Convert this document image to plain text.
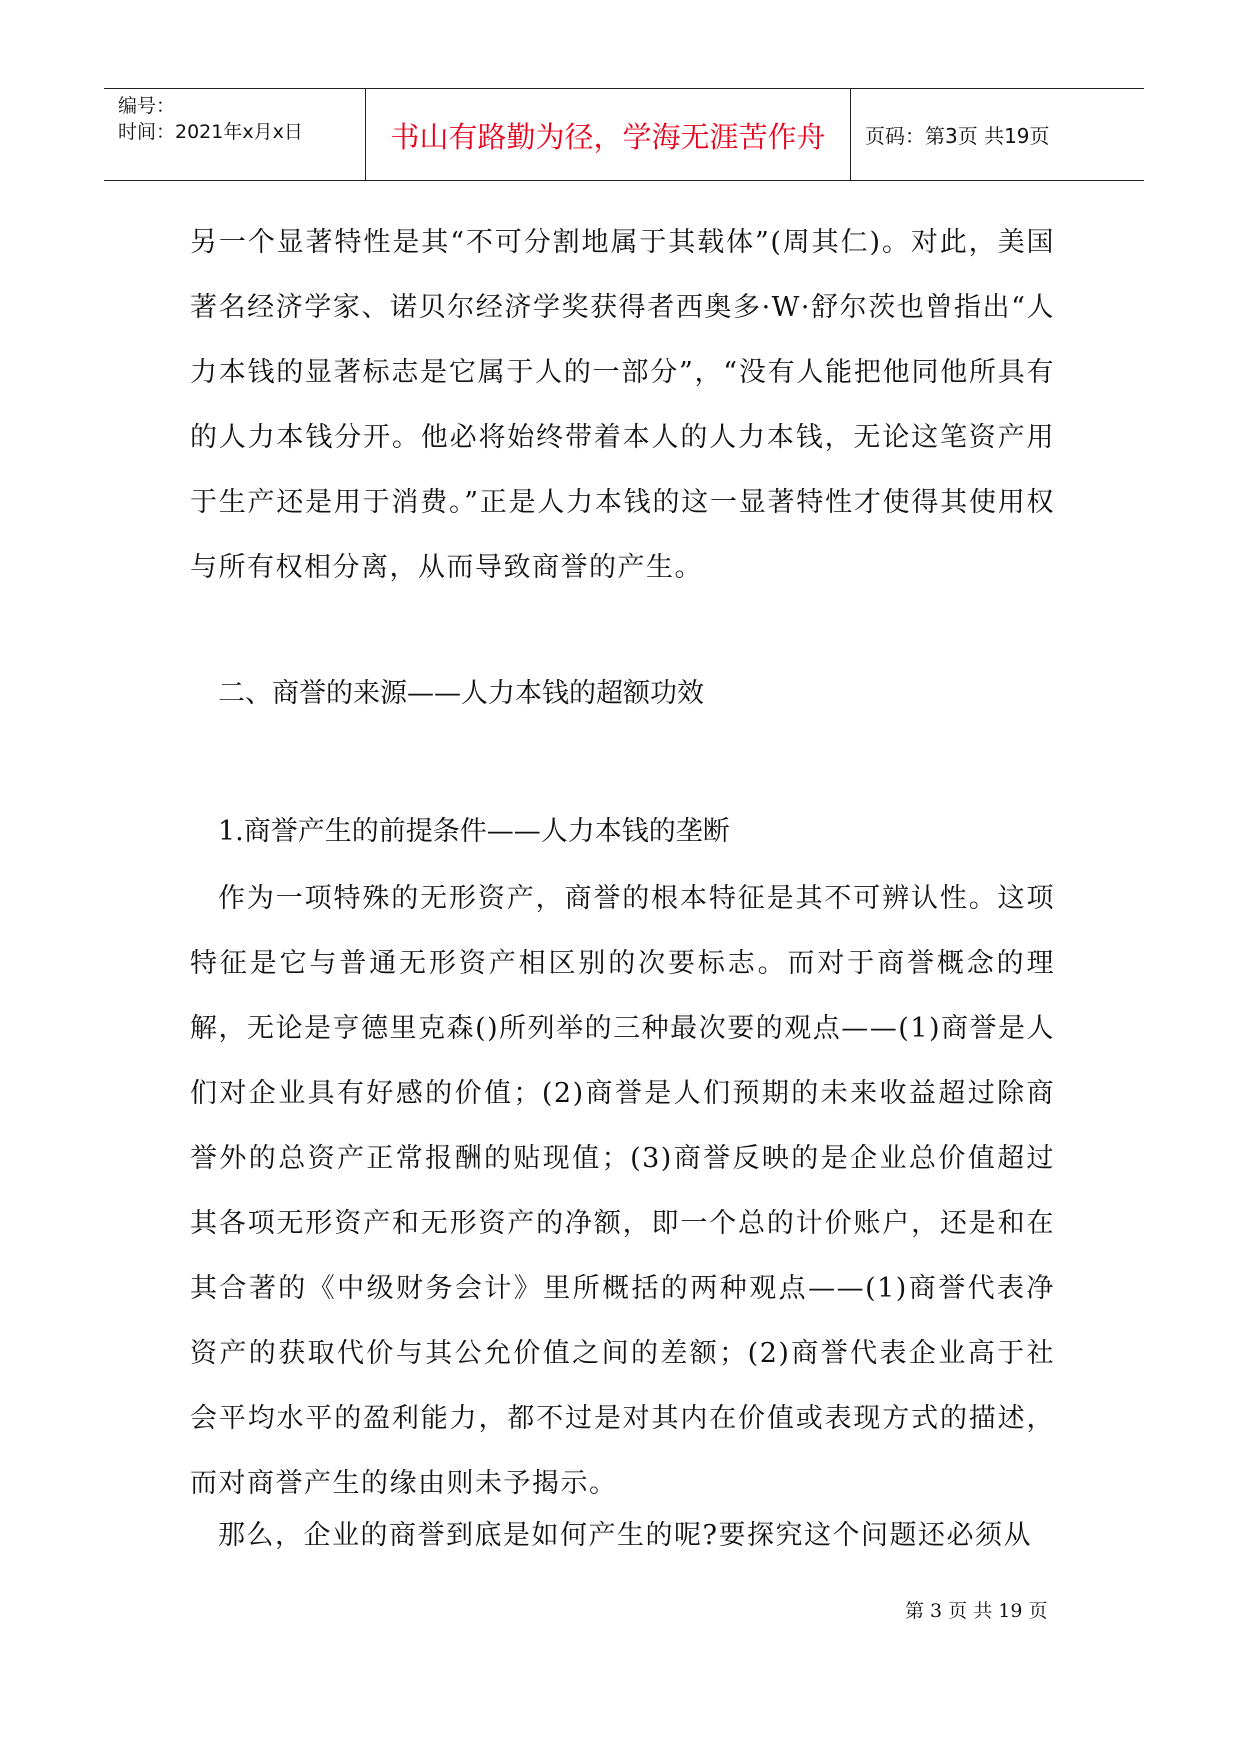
编号：
时间：2021年x月x日	书山有路勤为径，学海无涯苦作舟	页码：第3页 共19页

另一个显著特性是其“不可分割地属于其载体”(周其仁)。对此，美国著名经济学家、诺贝尔经济学奖获得者西奥多·W·舒尔茨也曾指出“人力本钱的显著标志是它属于人的一部分”，“没有人能把他同他所具有的人力本钱分开。他必将始终带着本人的人力本钱，无论这笔资产用于生产还是用于消费。”正是人力本钱的这一显著特性才使得其使用权与所有权相分离，从而导致商誉的产生。

二、商誉的来源——人力本钱的超额功效
1.商誉产生的前提条件——人力本钱的垄断

作为一项特殊的无形资产，商誉的根本特征是其不可辨认性。这项特征是它与普通无形资产相区别的次要标志。而对于商誉概念的理解，无论是亨德里克森()所列举的三种最次要的观点——(1)商誉是人们对企业具有好感的价值；(2)商誉是人们预期的未来收益超过除商誉外的总资产正常报酬的贴现值；(3)商誉反映的是企业总价值超过其各项无形资产和无形资产的净额，即一个总的计价账户，还是和在其合著的《中级财务会计》里所概括的两种观点——(1)商誉代表净资产的获取代价与其公允价值之间的差额；(2)商誉代表企业高于社会平均水平的盈利能力，都不过是对其内在价值或表现方式的描述，而对商誉产生的缘由则未予揭示。

那么，企业的商誉到底是如何产生的呢?要探究这个问题还必须从

第 3 页 共 19 页
